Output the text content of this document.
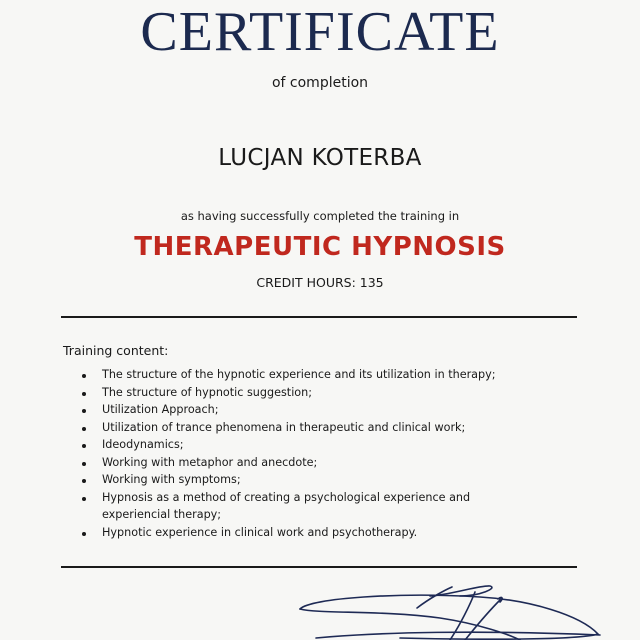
CERTIFICATE
of completion
LUCJAN KOTERBA
as having successfully completed the training in
THERAPEUTIC HYPNOSIS
CREDIT HOURS: 135
Training content:
The structure of the hypnotic experience and its utilization in therapy;
The structure of hypnotic suggestion;
Utilization Approach;
Utilization of trance phenomena in therapeutic and clinical work;
Ideodynamics;
Working with metaphor and anecdote;
Working with symptoms;
Hypnosis as a method of creating a psychological experience and experiencial therapy;
Hypnotic experience in clinical work and psychotherapy.
